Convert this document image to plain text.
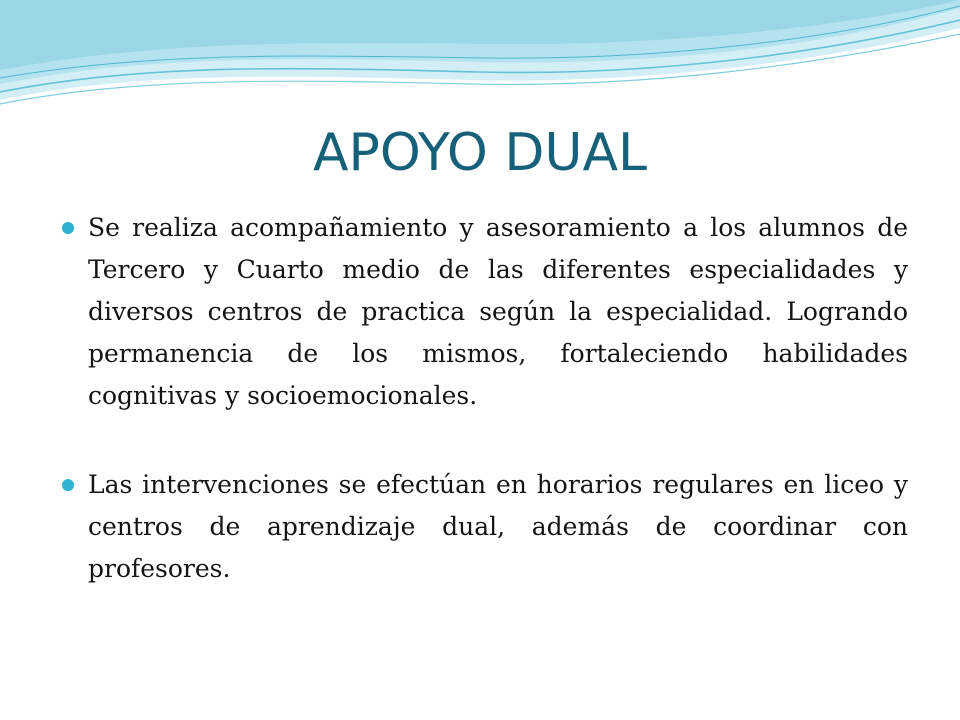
APOYO DUAL
Se realiza acompañamiento y asesoramiento a los alumnos de Tercero y Cuarto medio de las diferentes especialidades y diversos centros de practica según la especialidad. Logrando permanencia de los mismos, fortaleciendo habilidades cognitivas y socioemocionales.
Las intervenciones se efectúan en horarios regulares en liceo y centros de aprendizaje dual, además de coordinar con profesores.
